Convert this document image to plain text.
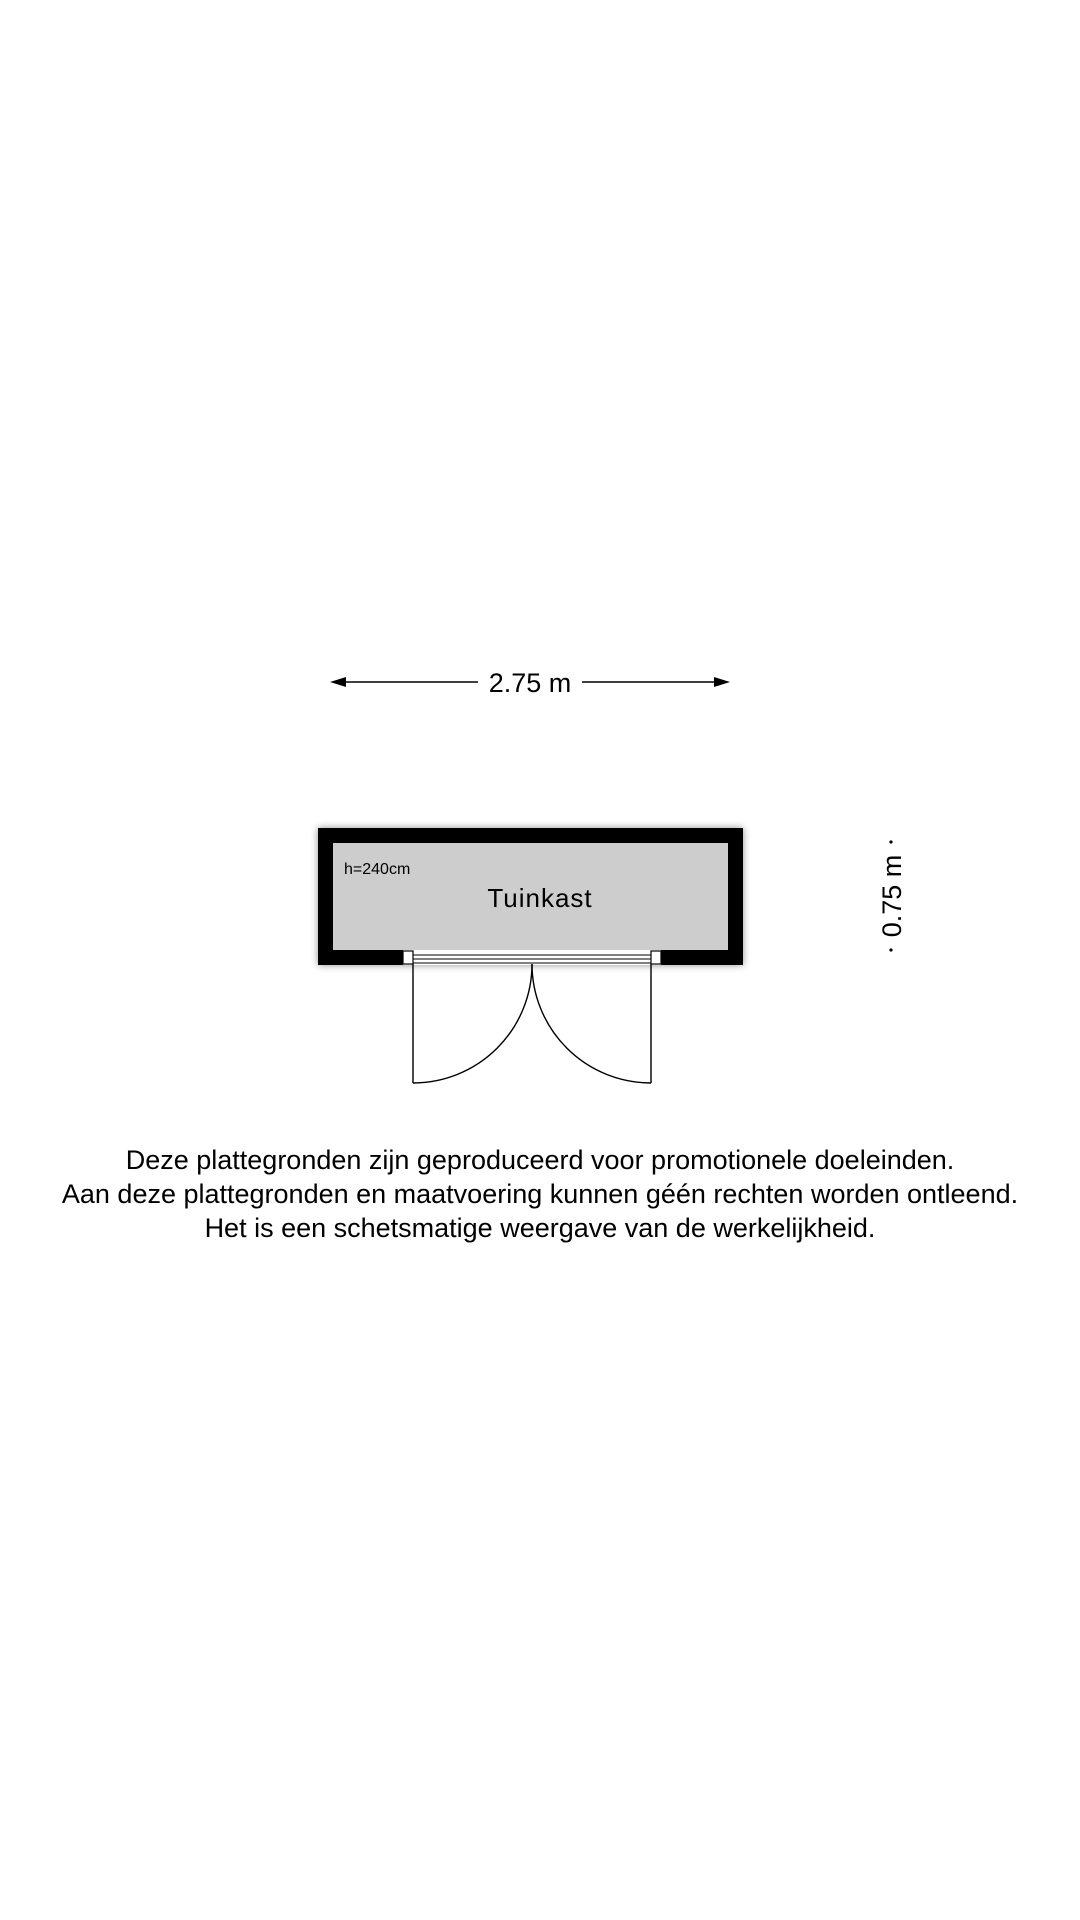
2.75 m
0.75 m
h=240cm
Tuinkast
Deze plattegronden zijn geproduceerd voor promotionele doeleinden.
Aan deze plattegronden en maatvoering kunnen géén rechten worden ontleend.
Het is een schetsmatige weergave van de werkelijkheid.
